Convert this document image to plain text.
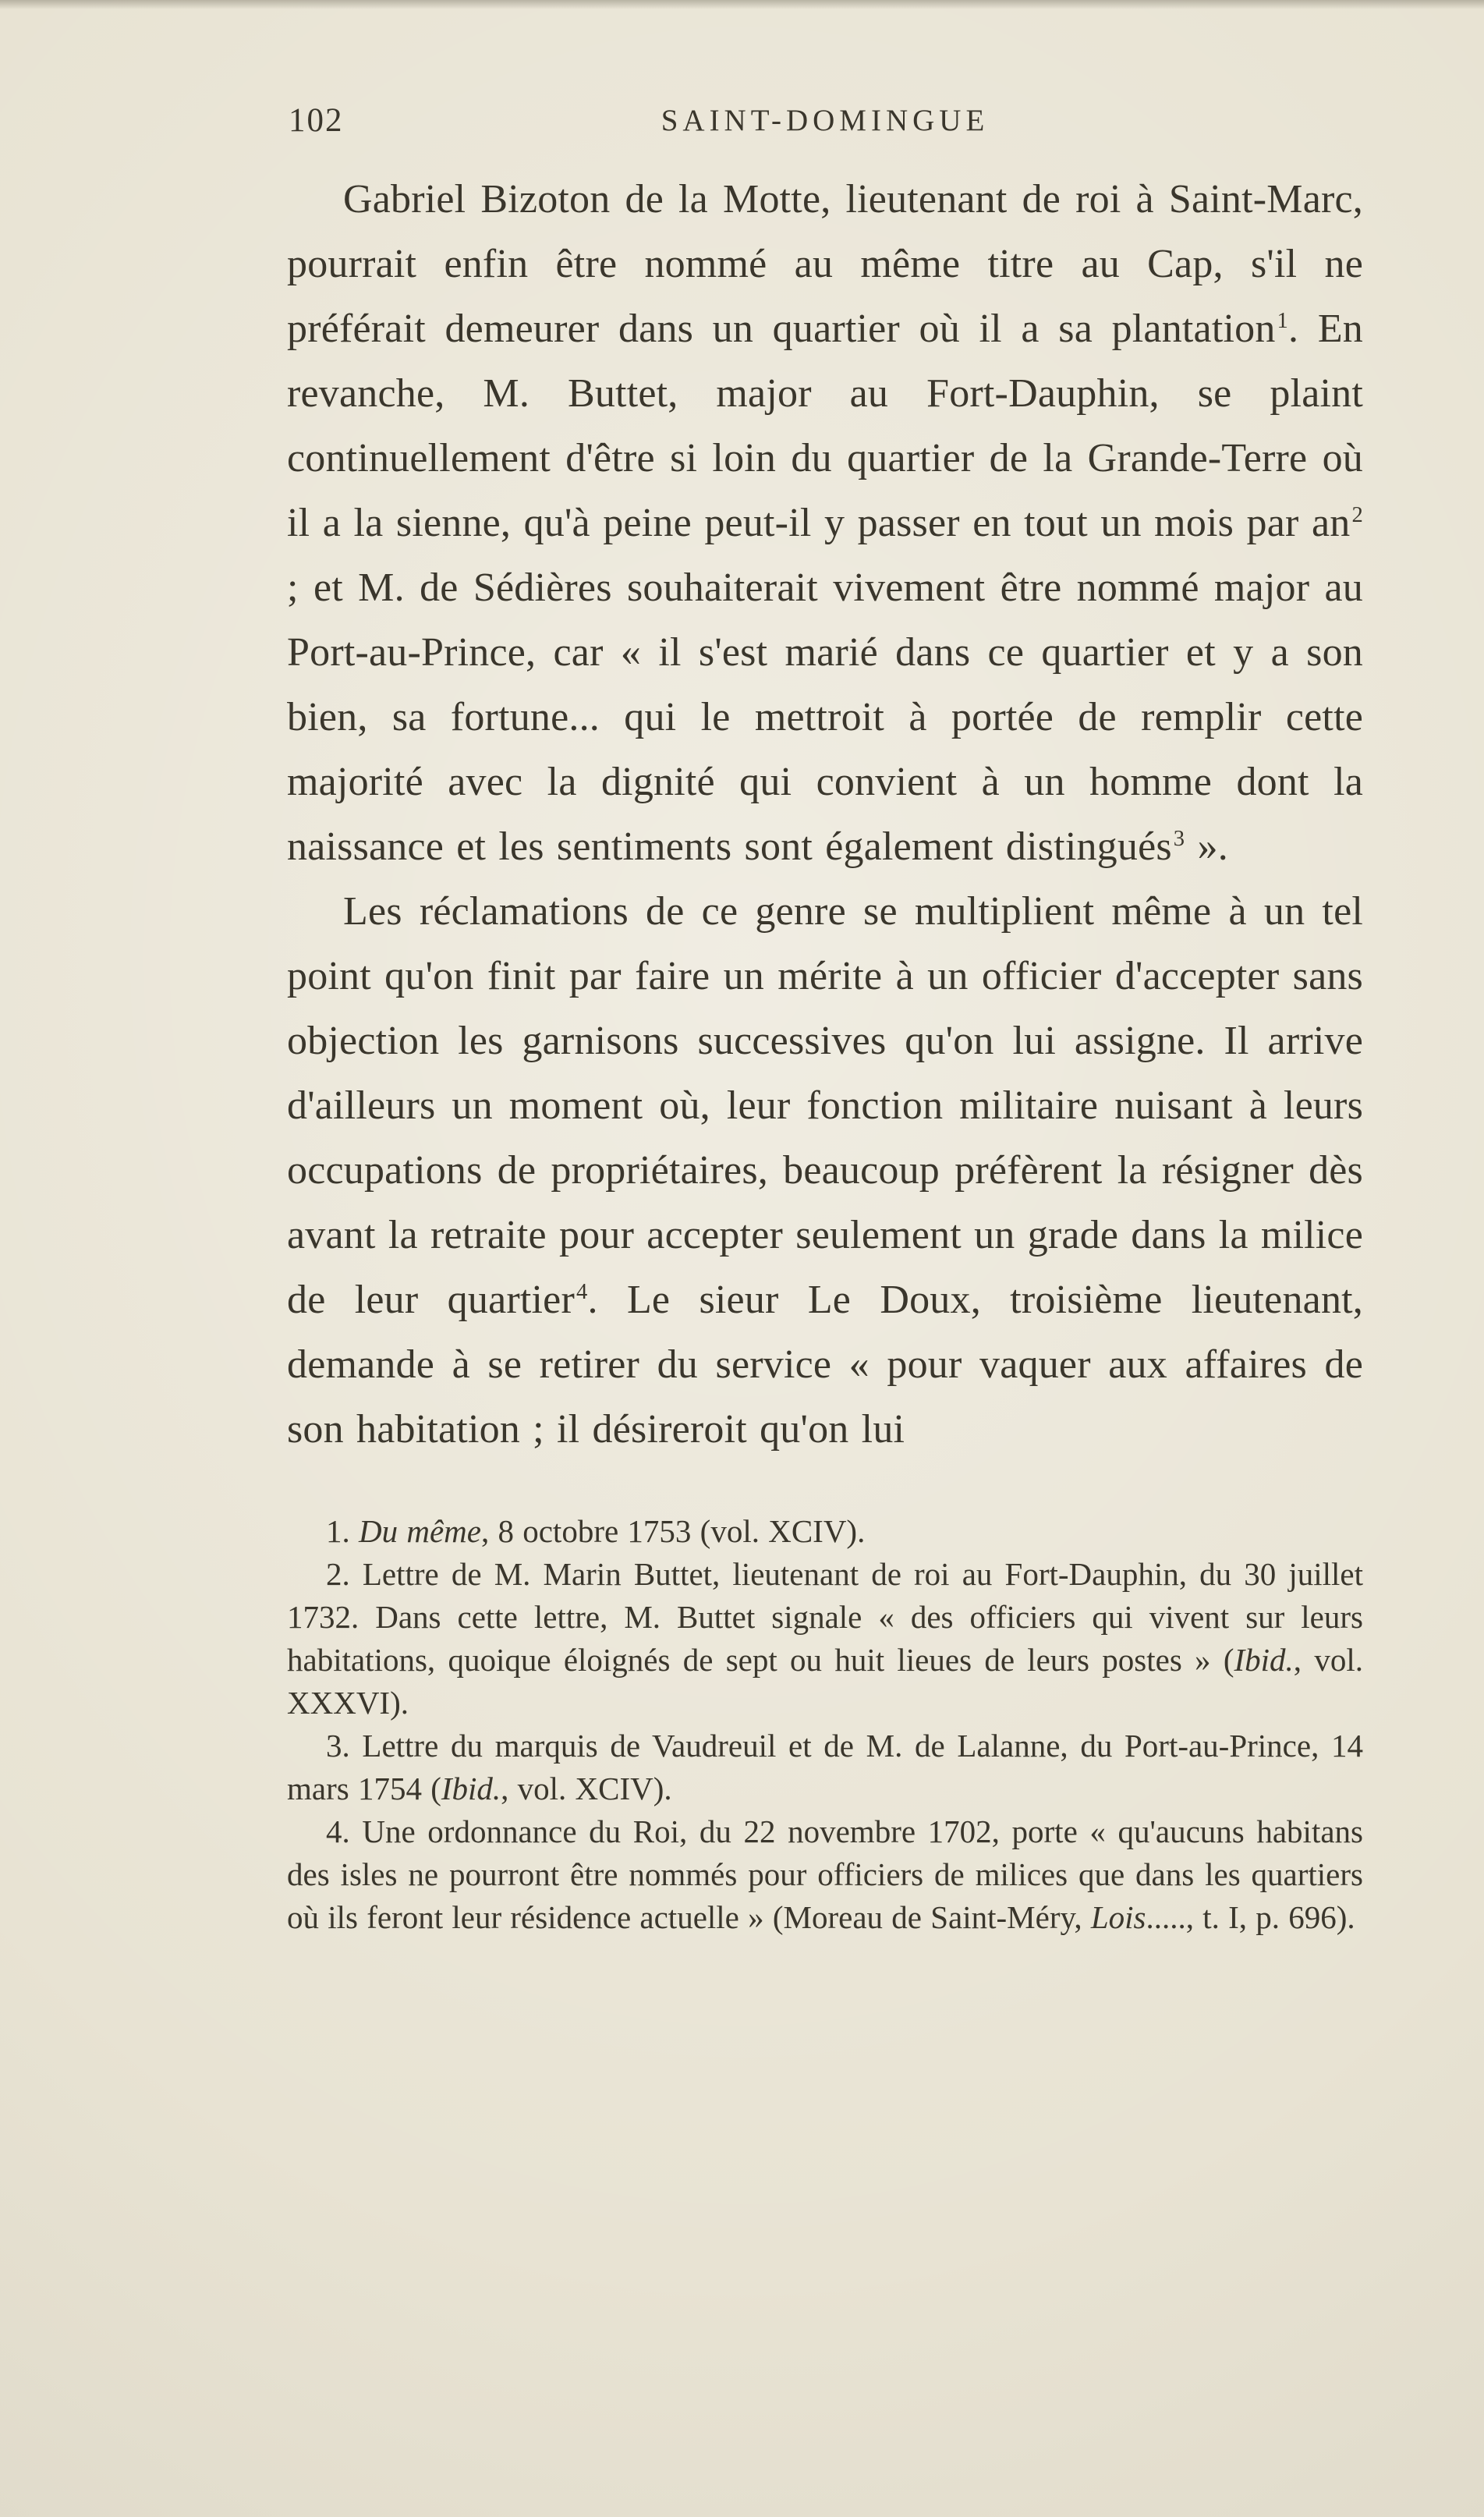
102	SAINT-DOMINGUE

Gabriel Bizoton de la Motte, lieutenant de roi à Saint-Marc, pourrait enfin être nommé au même titre au Cap, s'il ne préférait demeurer dans un quartier où il a sa plantation$^1$. En revanche, M. Buttet, major au Fort-Dauphin, se plaint continuellement d'être si loin du quartier de la Grande-Terre où il a la sienne, qu'à peine peut-il y passer en tout un mois par an$^2$ ; et M. de Sédières souhaiterait vivement être nommé major au Port-au-Prince, car « il s'est marié dans ce quartier et y a son bien, sa fortune... qui le mettroit à portée de remplir cette majorité avec la dignité qui convient à un homme dont la naissance et les sentiments sont également distingués$^3$ ».

Les réclamations de ce genre se multiplient même à un tel point qu'on finit par faire un mérite à un officier d'accepter sans objection les garnisons successives qu'on lui assigne. Il arrive d'ailleurs un moment où, leur fonction militaire nuisant à leurs occupations de propriétaires, beaucoup préfèrent la résigner dès avant la retraite pour accepter seulement un grade dans la milice de leur quartier$^4$. Le sieur Le Doux, troisième lieutenant, demande à se retirer du service « pour vaquer aux affaires de son habitation ; il désireroit qu'on lui

1. Du même, 8 octobre 1753 (vol. XCIV).

2. Lettre de M. Marin Buttet, lieutenant de roi au Fort-Dauphin, du 30 juillet 1732. Dans cette lettre, M. Buttet signale « des officiers qui vivent sur leurs habitations, quoique éloignés de sept ou huit lieues de leurs postes » (Ibid., vol. XXXVI).

3. Lettre du marquis de Vaudreuil et de M. de Lalanne, du Port-au-Prince, 14 mars 1754 (Ibid., vol. XCIV).

4. Une ordonnance du Roi, du 22 novembre 1702, porte « qu'aucuns habitans des isles ne pourront être nommés pour officiers de milices que dans les quartiers où ils feront leur résidence actuelle » (Moreau de Saint-Méry, Lois....., t. I, p. 696).
